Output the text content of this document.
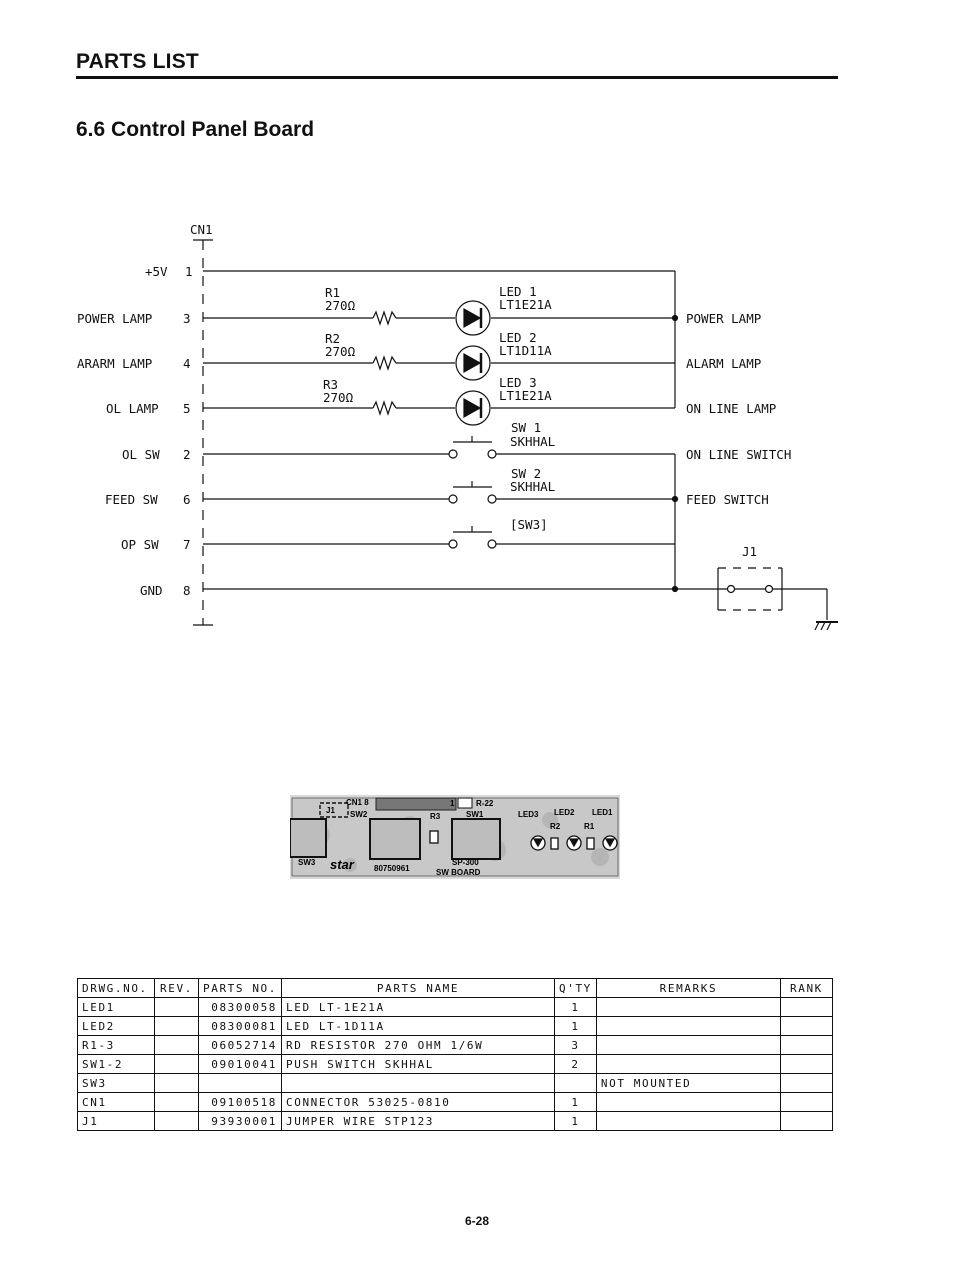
PARTS LIST
6.6 Control Panel Board
CN1
+5V 1
POWER LAMP 3
ARARM LAMP 4
OL LAMP 5
OL SW 2
FEED SW 6
OP SW 7
GND 8
R1
270Ω
R2
270Ω
R3
270Ω
LED 1
LT1E21A
LED 2
LT1D11A
LED 3
LT1E21A
SW 1
SKHHAL
SW 2
SKHHAL
[SW3]
POWER LAMP
ALARM LAMP
ON LINE LAMP
ON LINE SWITCH
FEED SWITCH
J1
CN1 8	1	R-22
J1 SW2	R3	SW1	LED3 LED2 LED1
R2	R1
SW3 star	80750961
SP-300
SW BOARD
DRWG.NO.	REV.	PARTS NO.	PARTS NAME	Q'TY	REMARKS	RANK
LED1		08300058	LED LT-1E21A	1		
LED2		08300081	LED LT-1D11A	1		
R1-3		06052714	RD RESISTOR 270 OHM 1/6W	3		
SW1-2		09010041	PUSH SWITCH SKHHAL	2		
SW3					NOT MOUNTED	
CN1		09100518	CONNECTOR 53025-0810	1		
J1		93930001	JUMPER WIRE STP123	1		
6-28
